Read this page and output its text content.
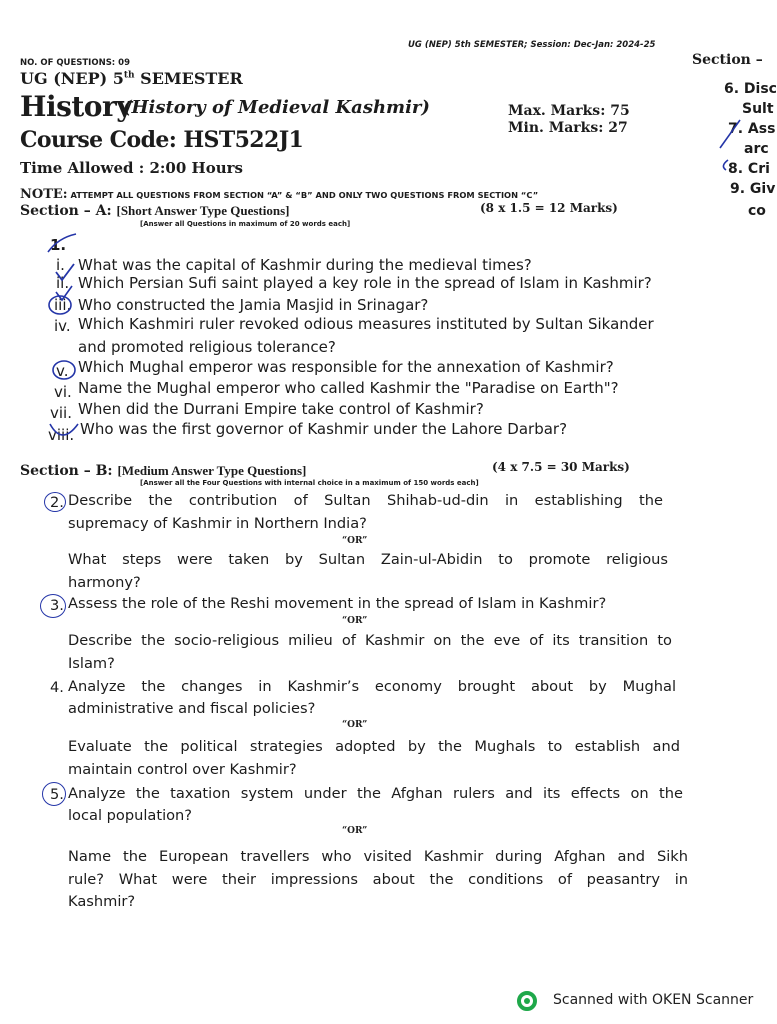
UG (NEP) 5th SEMESTER; Session: Dec-Jan: 2024-25
NO. OF QUESTIONS: 09
UG (NEP) 5th SEMESTER
History
(History of Medieval Kashmir)
Course Code: HST522J1
Max. Marks: 75
Min. Marks: 27
Time Allowed : 2:00 Hours
NOTE: ATTEMPT ALL QUESTIONS FROM SECTION “A” & “B” AND ONLY TWO QUESTIONS FROM SECTION “C”
Section – A: [Short Answer Type Questions]	(8 x 1.5 = 12 Marks)
[Answer all Questions in maximum of 20 words each]
1.
i. What was the capital of Kashmir during the medieval times?
ii. Which Persian Sufi saint played a key role in the spread of Islam in Kashmir?
iii. Who constructed the Jamia Masjid in Srinagar?
iv. Which Kashmiri ruler revoked odious measures instituted by Sultan Sikander
and promoted religious tolerance?
v. Which Mughal emperor was responsible for the annexation of Kashmir?
vi. Name the Mughal emperor who called Kashmir the "Paradise on Earth"?
vii. When did the Durrani Empire take control of Kashmir?
viii. Who was the first governor of Kashmir under the Lahore Darbar?
Section – B: [Medium Answer Type Questions]	(4 x 7.5 = 30 Marks)
[Answer all the Four Questions with internal choice in a maximum of 150 words each]
2. Describe the contribution of Sultan Shihab-ud-din in establishing the
supremacy of Kashmir in Northern India?
“OR”
What steps were taken by Sultan Zain-ul-Abidin to promote religious
harmony?
3. Assess the role of the Reshi movement in the spread of Islam in Kashmir?
“OR”
Describe the socio-religious milieu of Kashmir on the eve of its transition to
Islam?
4. Analyze the changes in Kashmir’s economy brought about by Mughal
administrative and fiscal policies?
“OR”
Evaluate the political strategies adopted by the Mughals to establish and
maintain control over Kashmir?
5. Analyze the taxation system under the Afghan rulers and its effects on the
local population?
“OR”
Name the European travellers who visited Kashmir during Afghan and Sikh
rule? What were their impressions about the conditions of peasantry in
Kashmir?
Section –
6. Disc
Sult
7. Ass
arc
8. Cri
9. Giv
co
Scanned with OKEN Scanner
